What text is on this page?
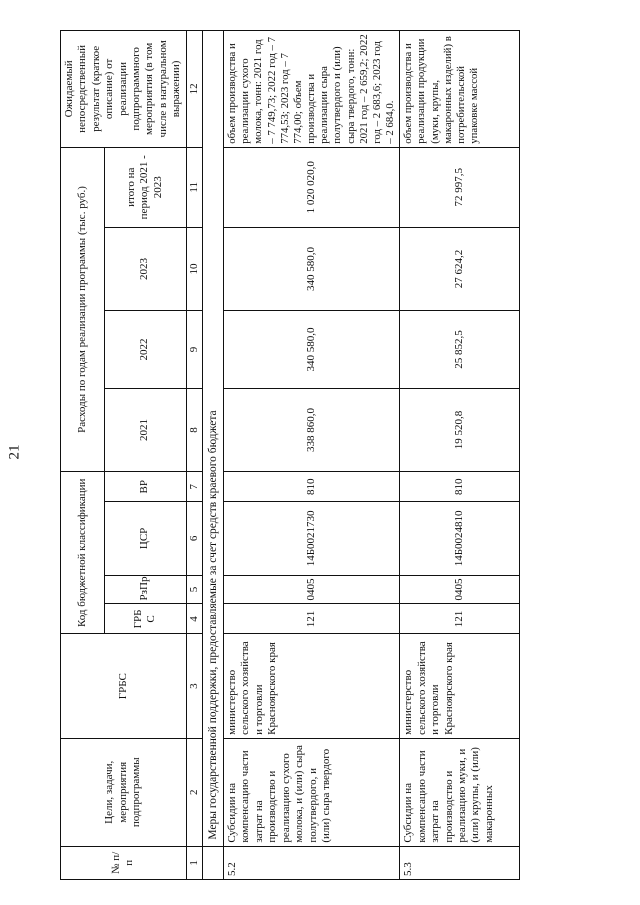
21
№ п/п	Цели, задачи, мероприятия подпрограммы	ГРБС	Код бюджетной классификации				Расходы по годам реализации программы (тыс. руб.)				Ожидаемый непосредственный результат (краткое описание) от реализации подпрограммного мероприятия (в том числе в натуральном выражении)
			ГРБ С	РзПр	ЦСР	ВР	2021	2022	2023	итого на период 2021 - 2023	
1	2	3	4	5	6	7	8	9	10	11	12
	Меры государственной поддержки, предоставляемые за счет средств краевого бюджета										
5.2	Субсидии на компенсацию части затрат на производство и реализацию сухого молока, и (или) сыра полутвердого, и (или) сыра твердого	министерство сельского хозяйства и торговли Красноярского края	121	0405	14Б0021730	810	338 860,0	340 580,0	340 580,0	1 020 020,0	объем производства и реализации сухого молока, тонн: 2021 год – 7 749,73; 2022 год – 7 774,53; 2023 год – 7 774,00; объем производства и реализации сыра полутвердого и (или) сыра твердого, тонн: 2021 год – 2 659,2; 2022 год – 2 683,6; 2023 год – 2 684,0.
5.3	Субсидии на компенсацию части затрат на производство и реализацию муки, и (или) крупы, и (или) макаронных	министерство сельского хозяйства и торговли Красноярского края	121	0405	14Б0024810	810	19 520,8	25 852,5	27 624,2	72 997,5	объем производства и реализации продукции (муки, крупы, макаронных изделий) в потребительской упаковке массой
